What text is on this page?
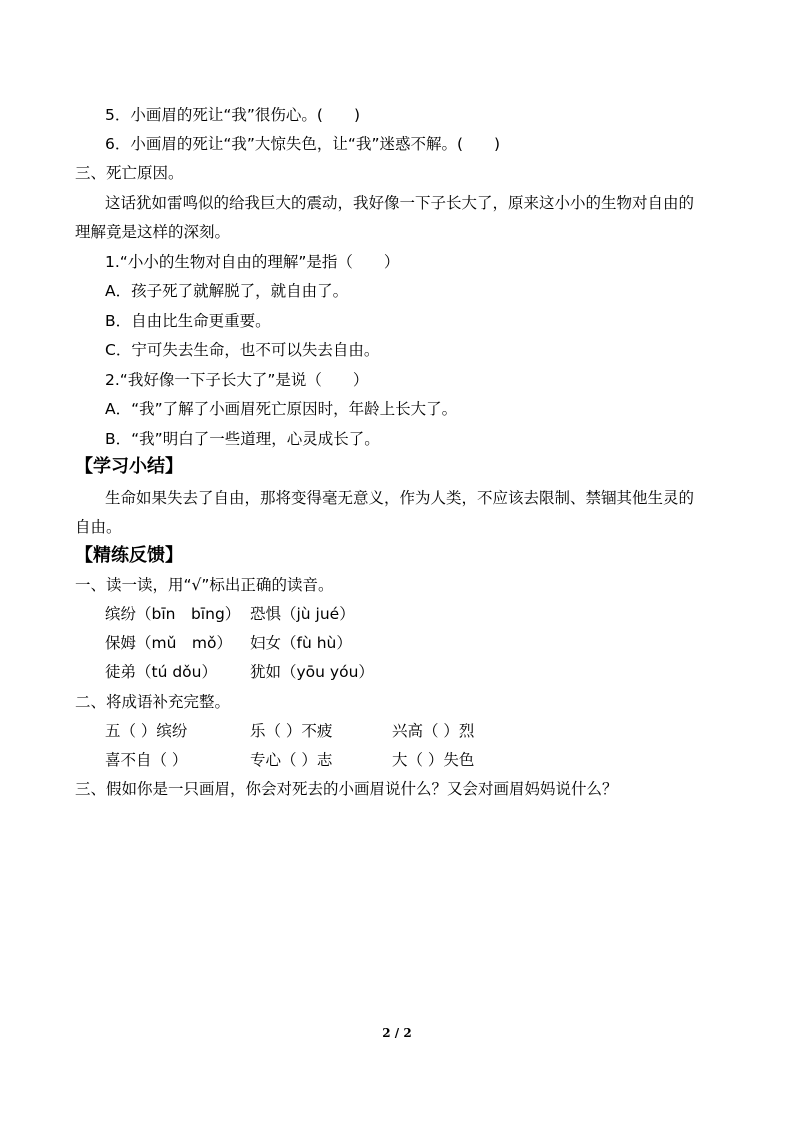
5．小画眉的死让“我”很伤心。(　　)
6．小画眉的死让“我”大惊失色，让“我”迷惑不解。(　　)
三、死亡原因。
这话犹如雷鸣似的给我巨大的震动，我好像一下子长大了，原来这小小的生物对自由的
理解竟是这样的深刻。
1.“小小的生物对自由的理解”是指（　　）
A．孩子死了就解脱了，就自由了。
B．自由比生命更重要。
C．宁可失去生命，也不可以失去自由。
2.“我好像一下子长大了”是说（　　）
A．“我”了解了小画眉死亡原因时，年龄上长大了。
B．“我”明白了一些道理，心灵成长了。
【学习小结】
生命如果失去了自由，那将变得毫无意义，作为人类，不应该去限制、禁锢其他生灵的
自由。
【精练反馈】
一、读一读，用“√”标出正确的读音。
缤纷（bīn　bīng） 恐惧（jù jué）
保姆（mǔ　mǒ） 妇女（fù hù）
徒弟（tú dǒu） 犹如（yōu yóu）
二、将成语补充完整。
五（ ）缤纷	乐（ ）不疲	兴高（ ）烈
喜不自（ ）	专心（ ）志	大（ ）失色
三、假如你是一只画眉，你会对死去的小画眉说什么？又会对画眉妈妈说什么？
2 / 2
